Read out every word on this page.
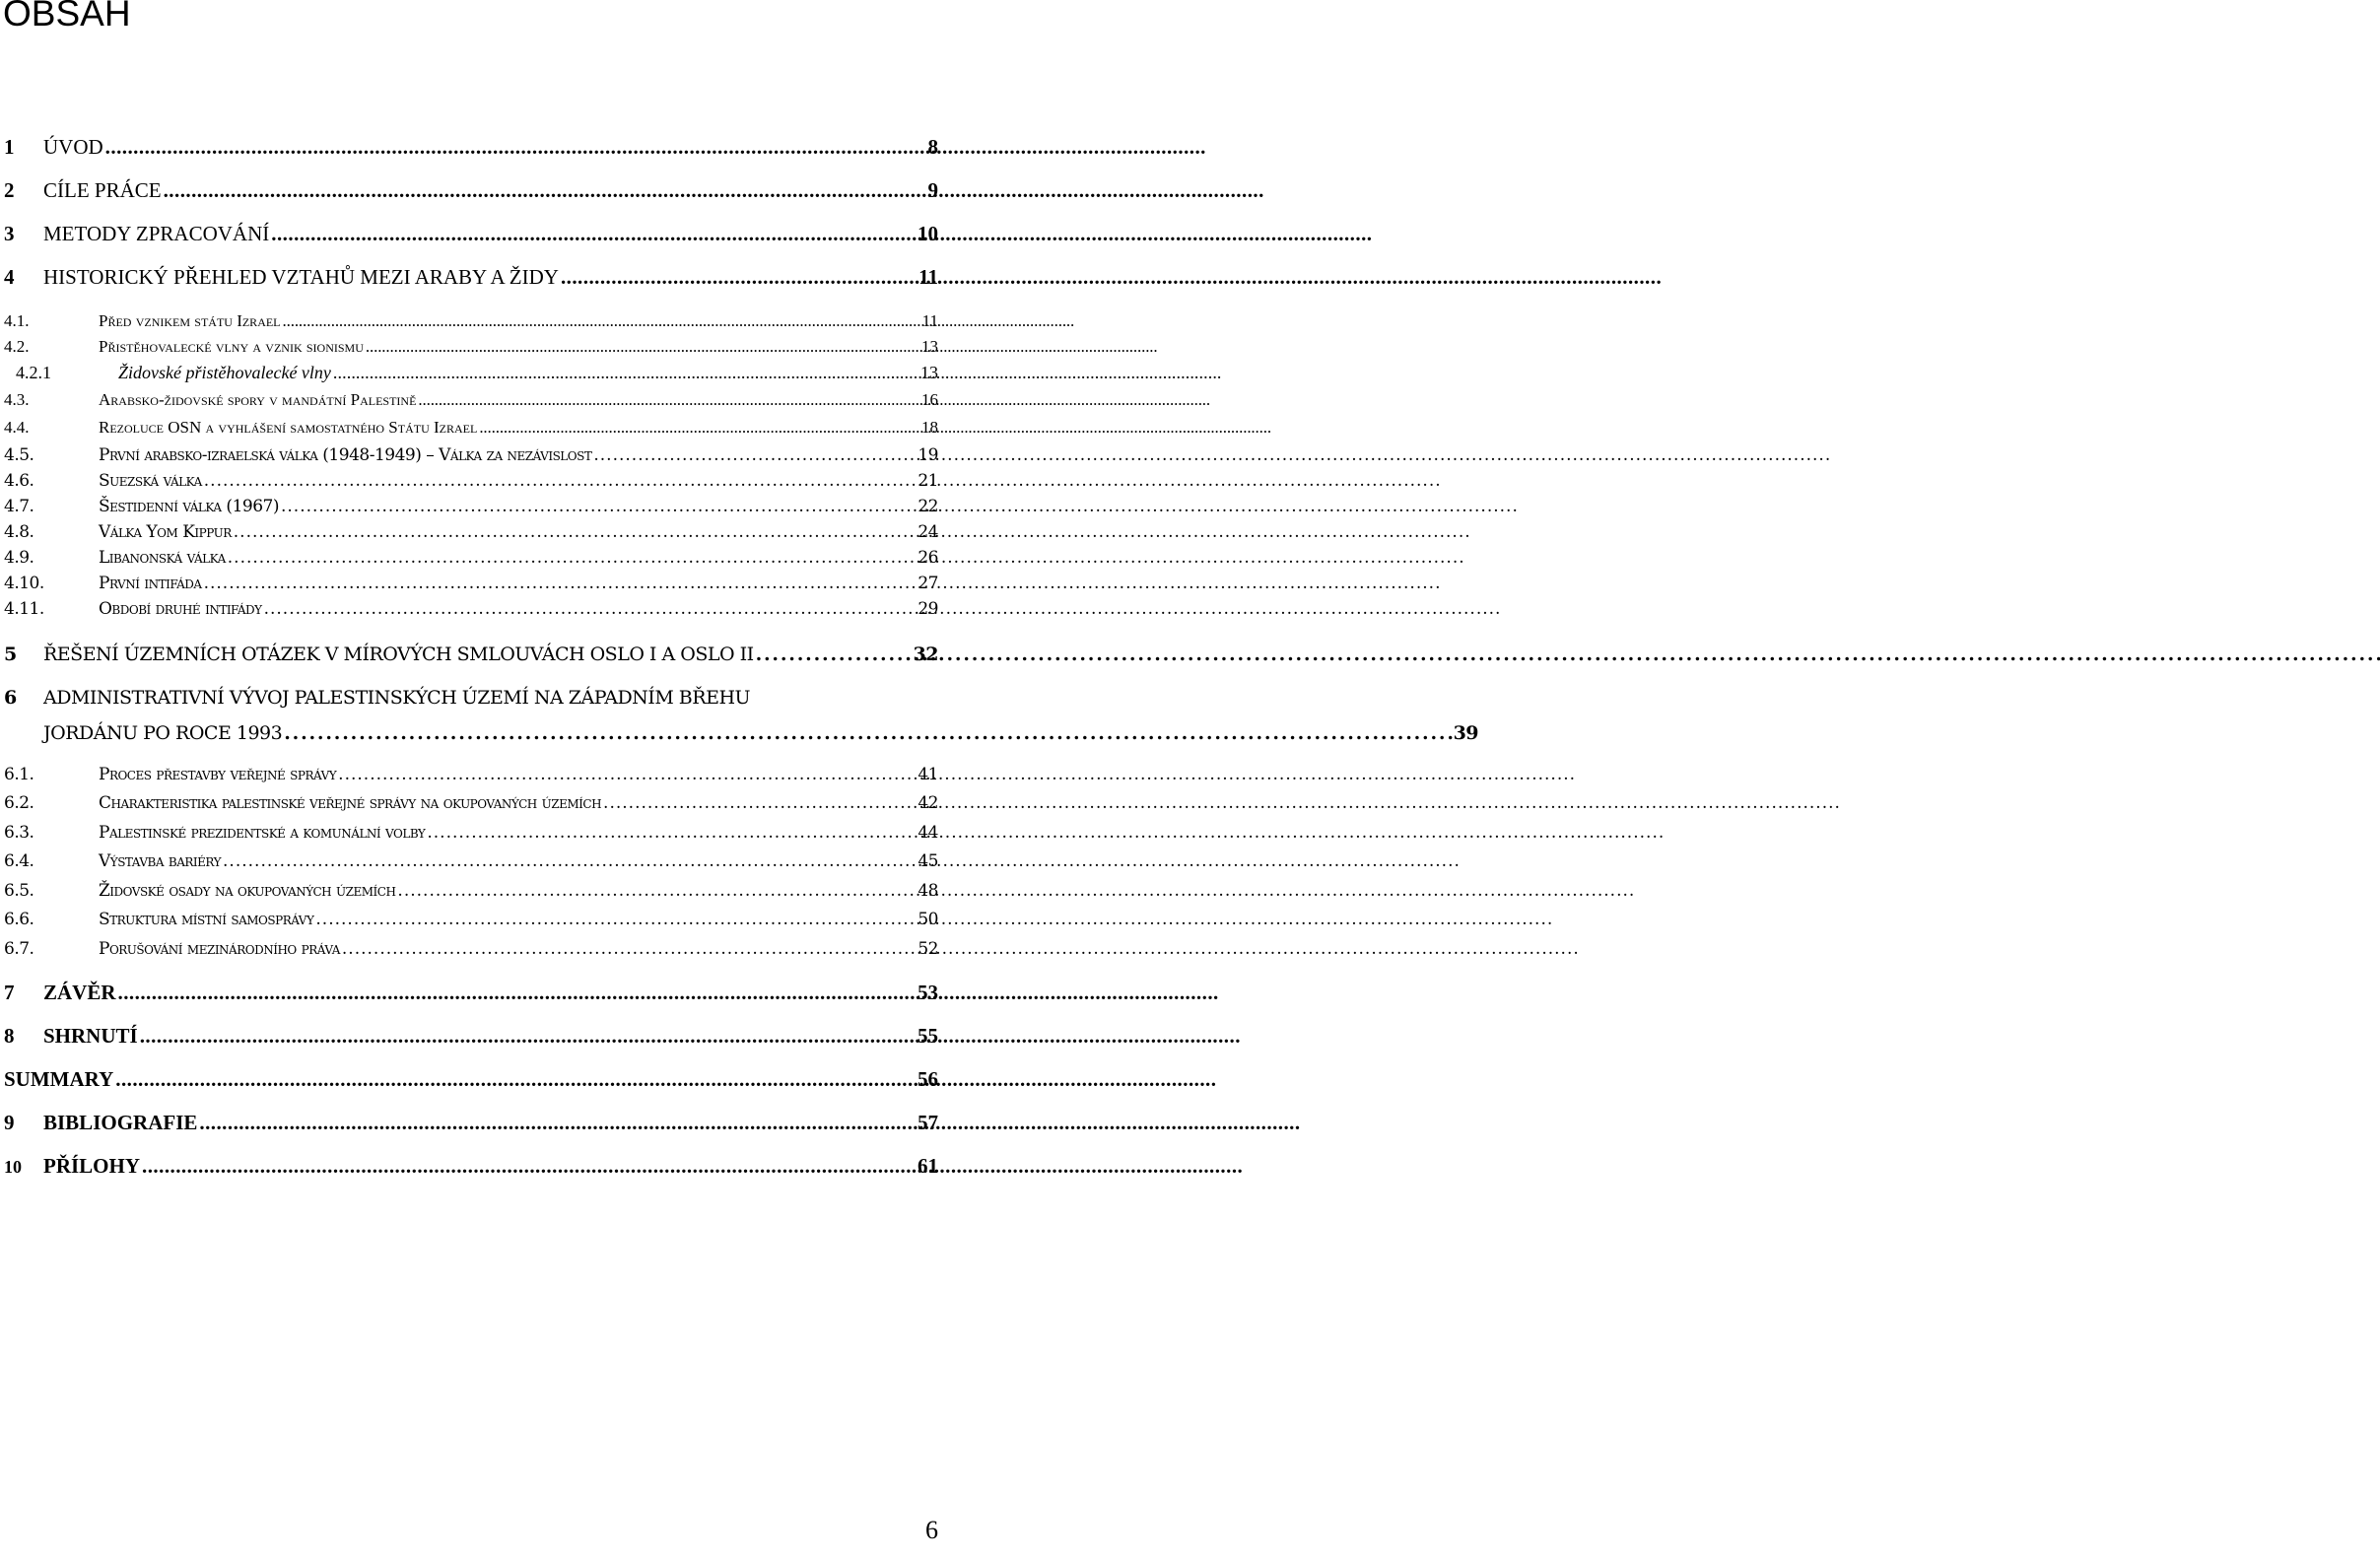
OBSAH
1	ÚVOD . . .	8
2	CÍLE PRÁCE . . .	9
3	METODY ZPRACOVÁNÍ . . .	10
4	HISTORICKÝ PŘEHLED VZTAHŮ MEZI ARABY A ŽIDY . . .	11
4.1.	Před vznikem státu Izrael . . .	11
4.2.	Přistěhovalecké vlny a vznik sionismu . . .	13
4.2.1	Židovské přistěhovalecké vlny . . .	13
4.3.	Arabsko-židovské spory v mandátní Palestině . . .	16
4.4.	Rezoluce OSN a vyhlášení samostatného Státu Izrael . . .	18
4.5.	První arabsko-izraelská válka (1948-1949) – Válka za nezávislost . . .	19
4.6.	Suezská válka . . .	21
4.7.	Šestidenní válka (1967) . . .	22
4.8.	Válka Yom Kippur . . .	24
4.9.	Libanonská válka . . .	26
4.10.	První intifáda . . .	27
4.11.	Období druhé intifády . . .	29
5	ŘEŠENÍ ÚZEMNÍCH OTÁZEK V MÍROVÝCH SMLOUVÁCH OSLO I A OSLO II . . .	32
6 ADMINISTRATIVNÍ VÝVOJ PALESTINSKÝCH ÚZEMÍ NA ZÁPADNÍM BŘEHU
JORDÁNU PO ROCE 1993 . . .	39
6.1.	Proces přestavby veřejné správy . . .	41
6.2.	Charakteristika palestinské veřejné správy na okupovaných územích . . .	42
6.3.	Palestinské prezidentské a komunální volby . . .	44
6.4.	Výstavba bariéry . . .	45
6.5.	Židovské osady na okupovaných územích . . .	48
6.6.	Struktura místní samosprávy . . .	50
6.7.	Porušování mezinárodního práva . . .	52
7	ZÁVĚR . . .	53
8	SHRNUTÍ . . .	55
SUMMARY . . .	56
9	BIBLIOGRAFIE . . .	57
10	PŘÍLOHY . . .	61
6
